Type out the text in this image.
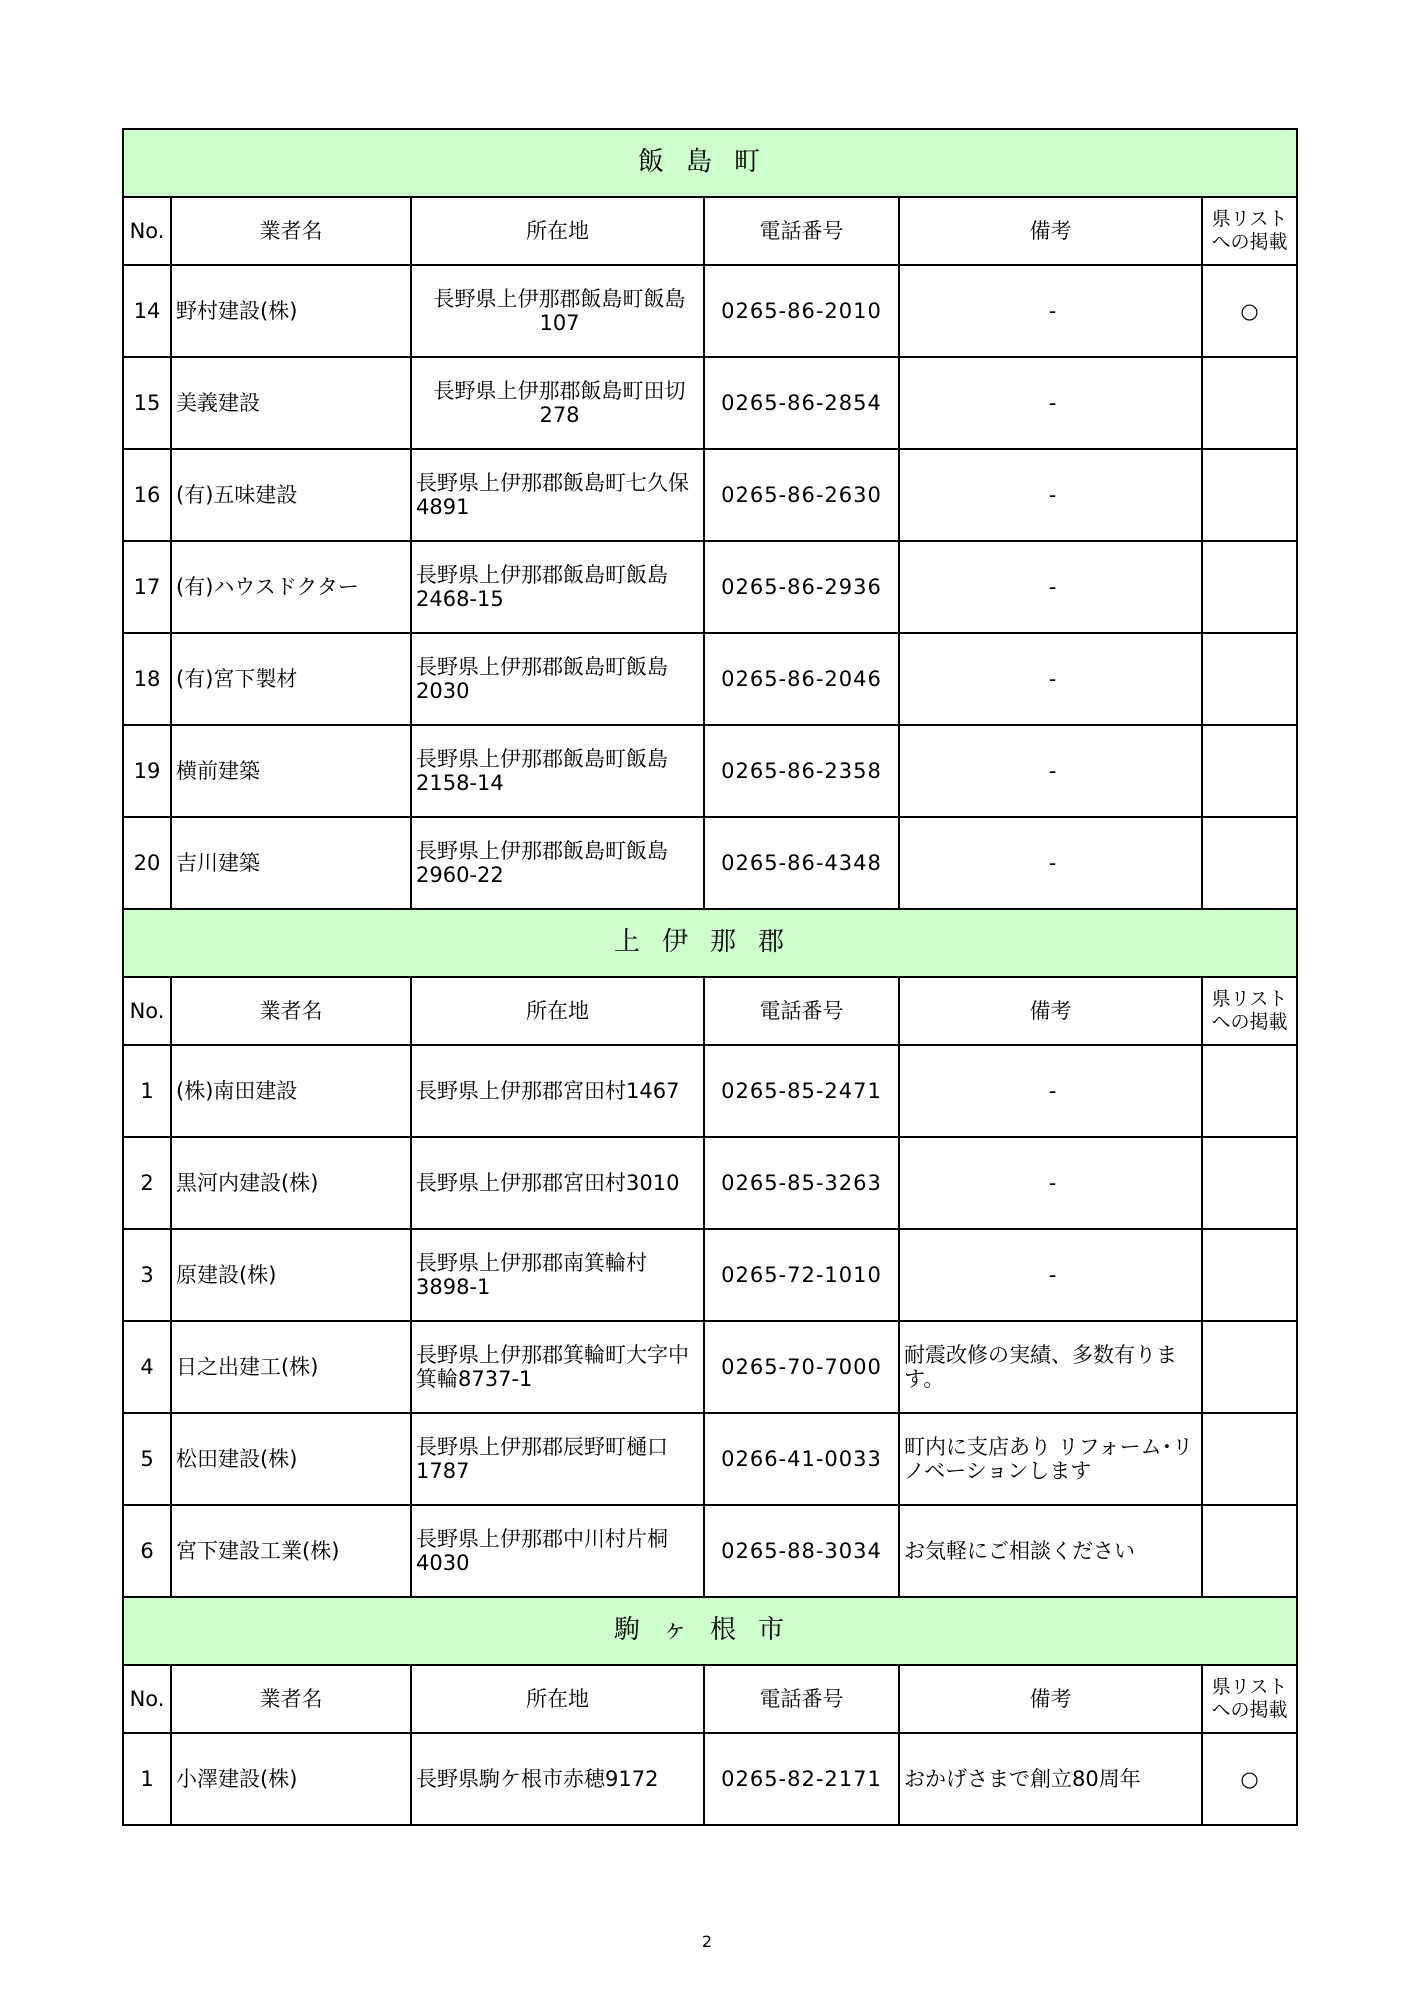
飯島町					
No.	業者名	所在地	電話番号	備考	県リスト
への掲載
14	野村建設(株)	長野県上伊那郡飯島町飯島107	0265-86-2010	-	○
15	美義建設	長野県上伊那郡飯島町田切278	0265-86-2854	-	
16	(有)五味建設	長野県上伊那郡飯島町七久保4891	0265-86-2630	-	
17	(有)ハウスドクター	長野県上伊那郡飯島町飯島2468-15	0265-86-2936	-	
18	(有)宮下製材	長野県上伊那郡飯島町飯島2030	0265-86-2046	-	
19	横前建築	長野県上伊那郡飯島町飯島2158-14	0265-86-2358	-	
20	吉川建築	長野県上伊那郡飯島町飯島2960-22	0265-86-4348	-	
上伊那郡					
No.	業者名	所在地	電話番号	備考	県リスト
への掲載
1	(株)南田建設	長野県上伊那郡宮田村1467	0265-85-2471	-	
2	黒河内建設(株)	長野県上伊那郡宮田村3010	0265-85-3263	-	
3	原建設(株)	長野県上伊那郡南箕輪村3898-1	0265-72-1010	-	
4	日之出建工(株)	長野県上伊那郡箕輪町大字中箕輪8737-1	0265-70-7000	耐震改修の実績、多数有ります。	
5	松田建設(株)	長野県上伊那郡辰野町樋口1787	0266-41-0033	町内に支店あり リフォーム･リノベーションします	
6	宮下建設工業(株)	長野県上伊那郡中川村片桐4030	0265-88-3034	お気軽にご相談ください	
駒ヶ根市					
No.	業者名	所在地	電話番号	備考	県リスト
への掲載
1	小澤建設(株)	長野県駒ケ根市赤穂9172	0265-82-2171	おかげさまで創立80周年	○
2
